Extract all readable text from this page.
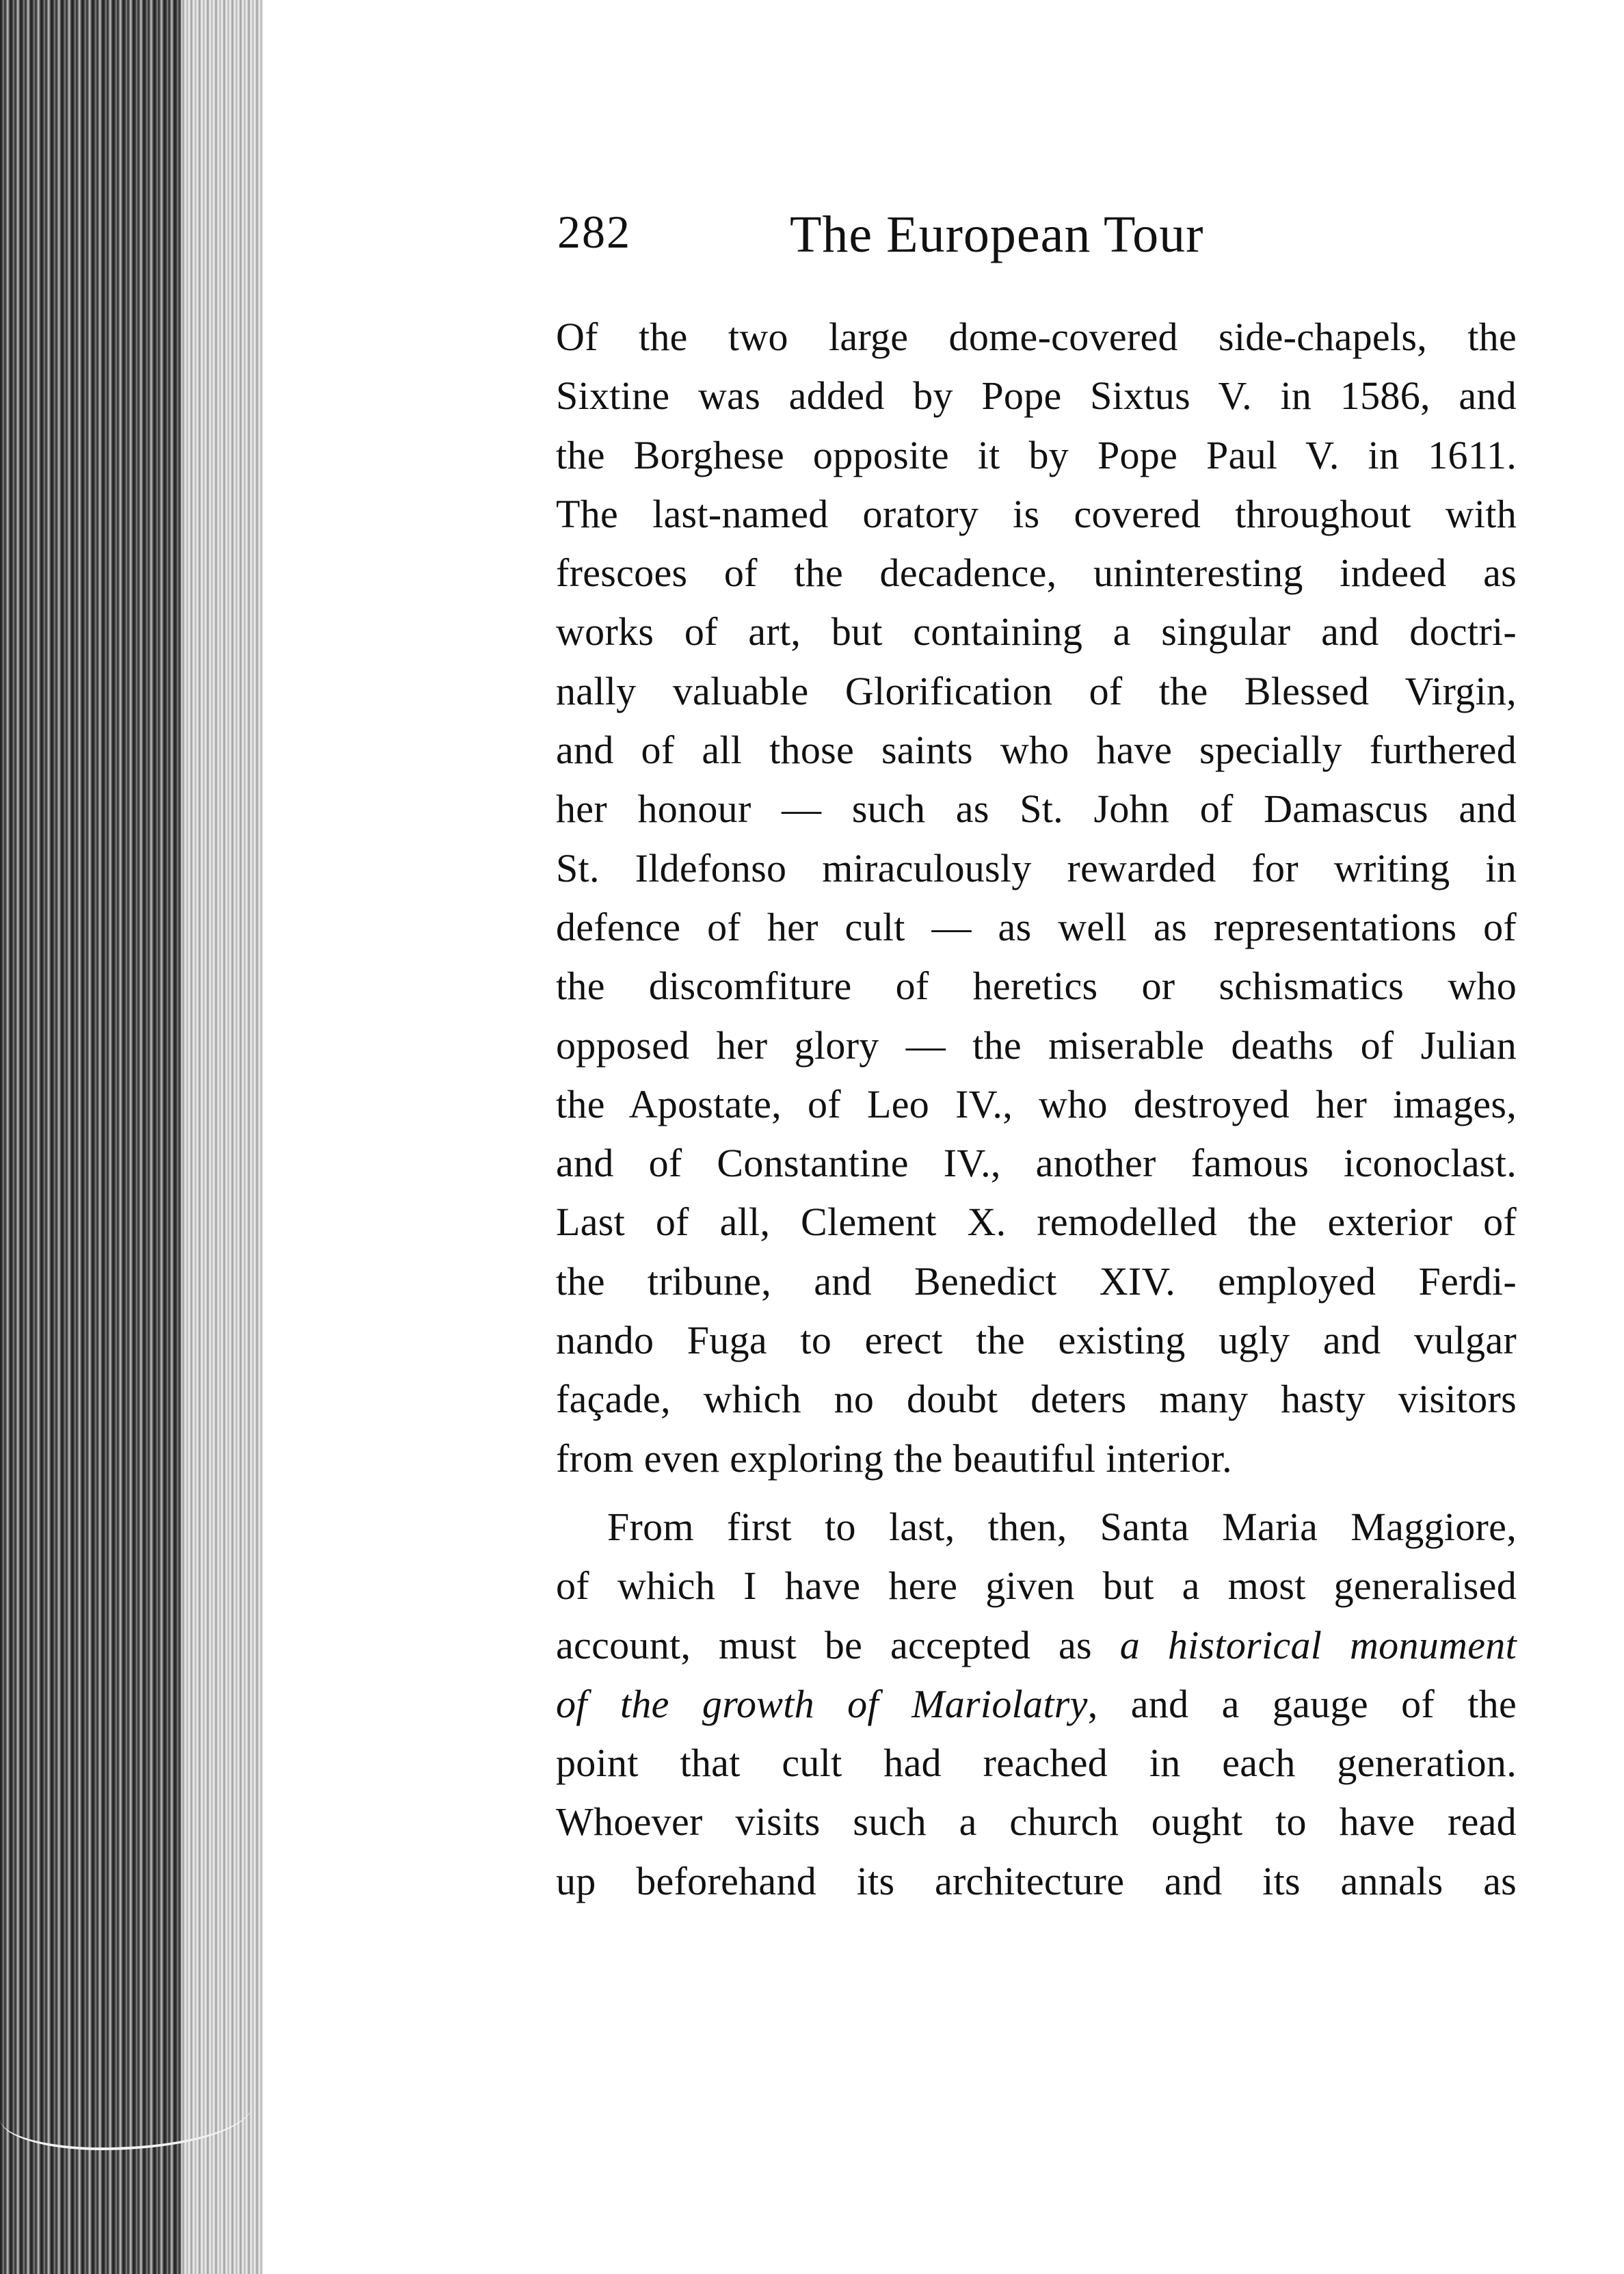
282	The European Tour
Of the two large dome-covered side-chapels, the
Sixtine was added by Pope Sixtus V. in 1586, and
the Borghese opposite it by Pope Paul V. in 1611.
The last-named oratory is covered throughout with
frescoes of the decadence, uninteresting indeed as
works of art, but containing a singular and doctri-
nally valuable Glorification of the Blessed Virgin,
and of all those saints who have specially furthered
her honour — such as St. John of Damascus and
St. Ildefonso miraculously rewarded for writing in
defence of her cult — as well as representations of
the discomfiture of heretics or schismatics who
opposed her glory — the miserable deaths of Julian
the Apostate, of Leo IV., who destroyed her images,
and of Constantine IV., another famous iconoclast.
Last of all, Clement X. remodelled the exterior of
the tribune, and Benedict XIV. employed Ferdi-
nando Fuga to erect the existing ugly and vulgar
façade, which no doubt deters many hasty visitors
from even exploring the beautiful interior.
From first to last, then, Santa Maria Maggiore,
of which I have here given but a most generalised
account, must be accepted as a historical monument
of the growth of Mariolatry, and a gauge of the
point that cult had reached in each generation.
Whoever visits such a church ought to have read
up beforehand its architecture and its annals as
